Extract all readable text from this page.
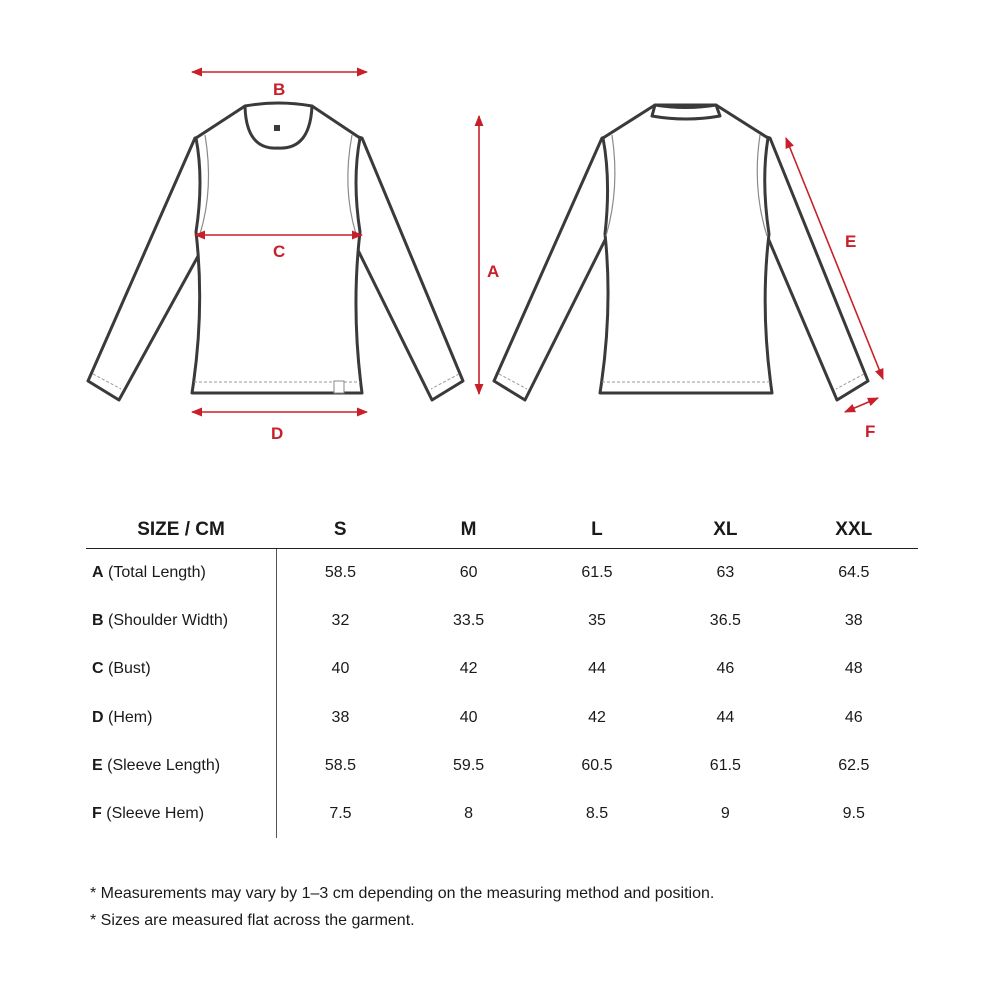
B
C
D
A
E
F
SIZE / CM	S	M	L	XL	XXL
A (Total Length)	58.5	60	61.5	63	64.5
B (Shoulder Width)	32	33.5	35	36.5	38
C (Bust)	40	42	44	46	48
D (Hem)	38	40	42	44	46
E (Sleeve Length)	58.5	59.5	60.5	61.5	62.5
F (Sleeve Hem)	7.5	8	8.5	9	9.5
* Measurements may vary by 1–3 cm depending on the measuring method and position.
* Sizes are measured flat across the garment.
